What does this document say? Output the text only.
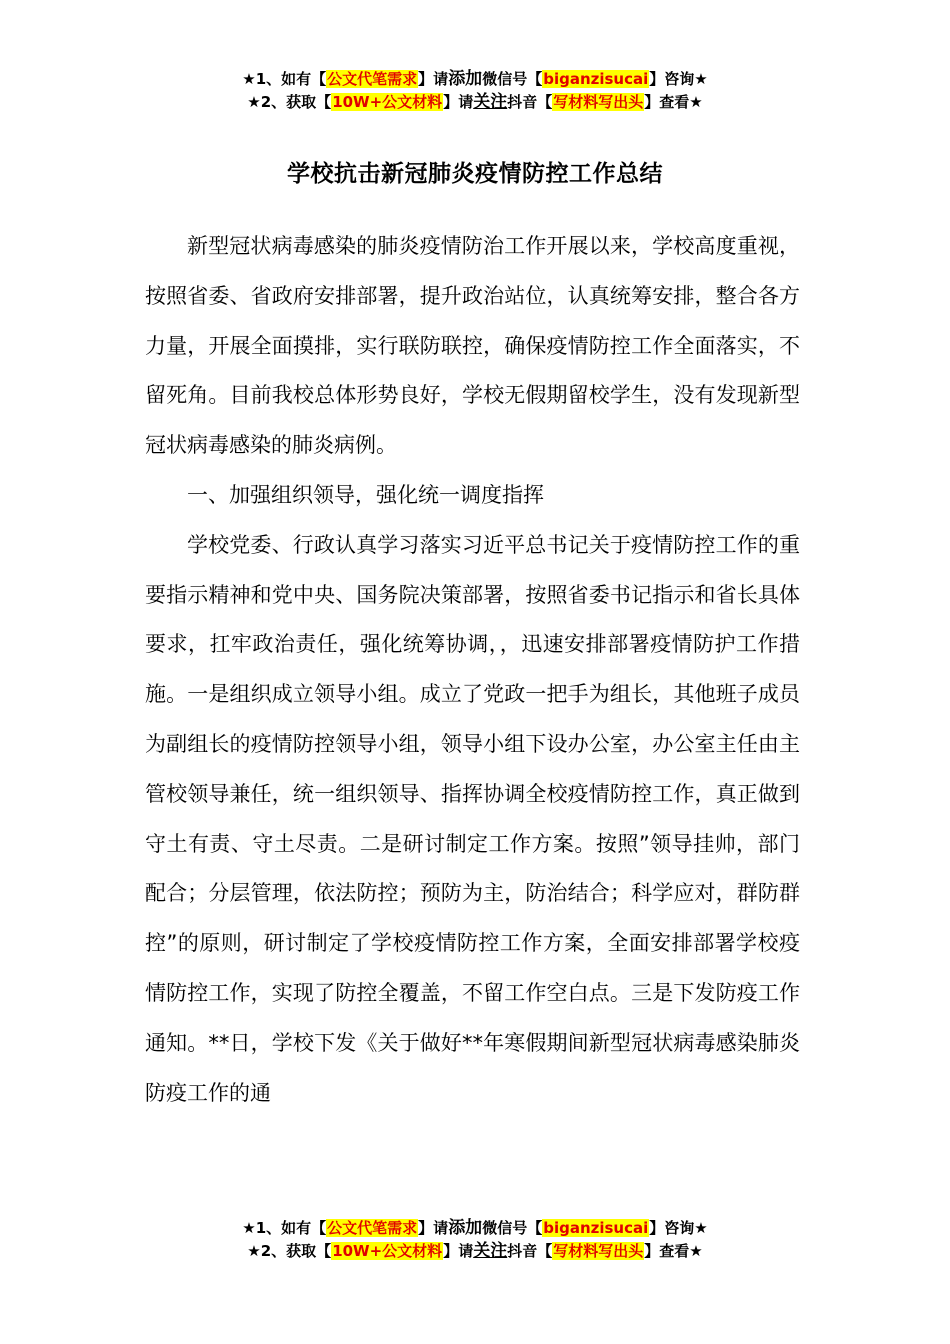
★1、如有【公文代笔需求】请添加微信号【biganzisucai】咨询★
★2、获取【10W+公文材料】请关注抖音【写材料写出头】查看★
学校抗击新冠肺炎疫情防控工作总结

新型冠状病毒感染的肺炎疫情防治工作开展以来，学校高度重视，按照省委、省政府安排部署，提升政治站位，认真统筹安排，整合各方力量，开展全面摸排，实行联防联控，确保疫情防控工作全面落实，不留死角。目前我校总体形势良好，学校无假期留校学生，没有发现新型冠状病毒感染的肺炎病例。

一、加强组织领导，强化统一调度指挥

学校党委、行政认真学习落实习近平总书记关于疫情防控工作的重要指示精神和党中央、国务院决策部署，按照省委书记指示和省长具体要求，扛牢政治责任，强化统筹协调，，迅速安排部署疫情防护工作措施。一是组织成立领导小组。成立了党政一把手为组长，其他班子成员为副组长的疫情防控领导小组，领导小组下设办公室，办公室主任由主管校领导兼任，统一组织领导、指挥协调全校疫情防控工作，真正做到守土有责、守土尽责。二是研讨制定工作方案。按照”领导挂帅，部门配合；分层管理，依法防控；预防为主，防治结合；科学应对，群防群控”的原则，研讨制定了学校疫情防控工作方案，全面安排部署学校疫情防控工作，实现了防控全覆盖，不留工作空白点。三是下发防疫工作通知。**日，学校下发《关于做好**年寒假期间新型冠状病毒感染肺炎防疫工作的通

★1、如有【公文代笔需求】请添加微信号【biganzisucai】咨询★
★2、获取【10W+公文材料】请关注抖音【写材料写出头】查看★
